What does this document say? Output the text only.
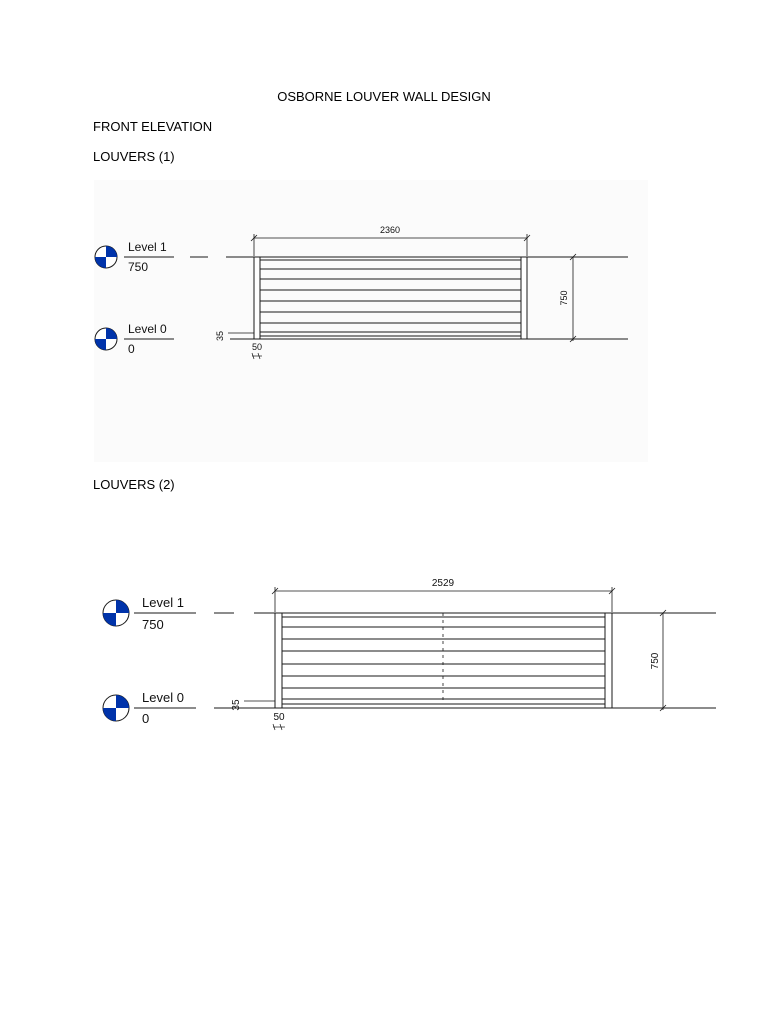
OSBORNE LOUVER WALL DESIGN
FRONT ELEVATION
LOUVERS (1)
LOUVERS (2)
Level 1
750
Level 0
0
2360
750
35
50
Level 1
750
Level 0
0
2529
750
35
50
